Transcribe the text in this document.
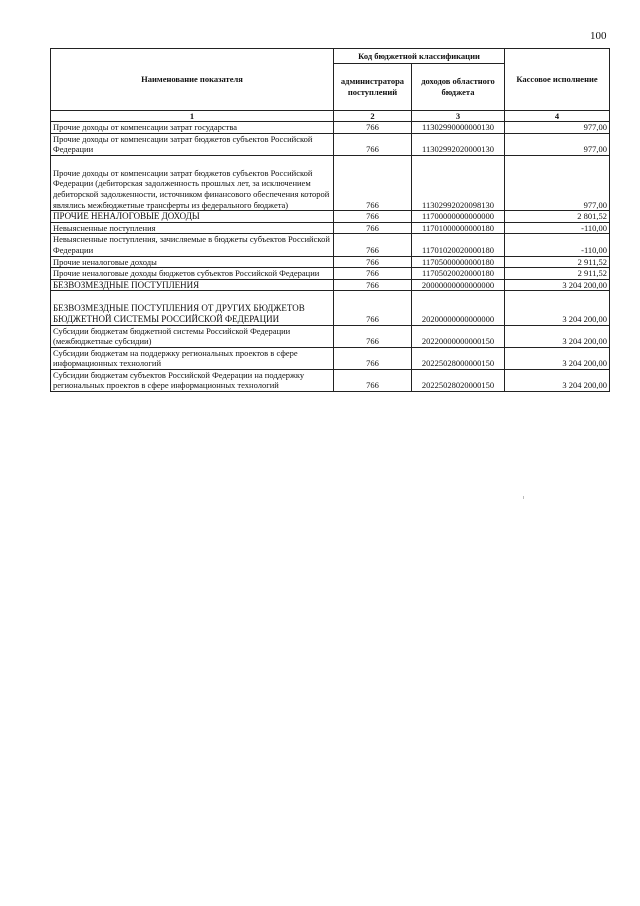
100
Наименование показателя	Код бюджетной классификации		Кассовое исполнение
	администратора поступлений	доходов областного бюджета	
1	2	3	4
Прочие доходы от компенсации затрат государства	766	11302990000000130	977,00
Прочие доходы от компенсации затрат бюджетов субъектов Российской Федерации	766	11302992020000130	977,00
Прочие доходы от компенсации затрат бюджетов субъектов Российской Федерации (дебиторская задолженность прошлых лет, за исключением дебиторской задолженности, источником финансового обеспечения которой являлись межбюджетные трансферты из федерального бюджета)	766	11302992020098130	977,00
ПРОЧИЕ НЕНАЛОГОВЫЕ ДОХОДЫ	766	11700000000000000	2 801,52
Невыясненные поступления	766	11701000000000180	-110,00
Невыясненные поступления, зачисляемые в бюджеты субъектов Российской Федерации	766	11701020020000180	-110,00
Прочие неналоговые доходы	766	11705000000000180	2 911,52
Прочие неналоговые доходы бюджетов субъектов Российской Федерации	766	11705020020000180	2 911,52
БЕЗВОЗМЕЗДНЫЕ ПОСТУПЛЕНИЯ	766	20000000000000000	3 204 200,00
БЕЗВОЗМЕЗДНЫЕ ПОСТУПЛЕНИЯ ОТ ДРУГИХ БЮДЖЕТОВ БЮДЖЕТНОЙ СИСТЕМЫ РОССИЙСКОЙ ФЕДЕРАЦИИ	766	20200000000000000	3 204 200,00
Субсидии бюджетам бюджетной системы Российской Федерации (межбюджетные субсидии)	766	20220000000000150	3 204 200,00
Субсидии бюджетам на поддержку региональных проектов в сфере информационных технологий	766	20225028000000150	3 204 200,00
Субсидии бюджетам субъектов Российской Федерации на поддержку региональных проектов в сфере информационных технологий	766	20225028020000150	3 204 200,00
